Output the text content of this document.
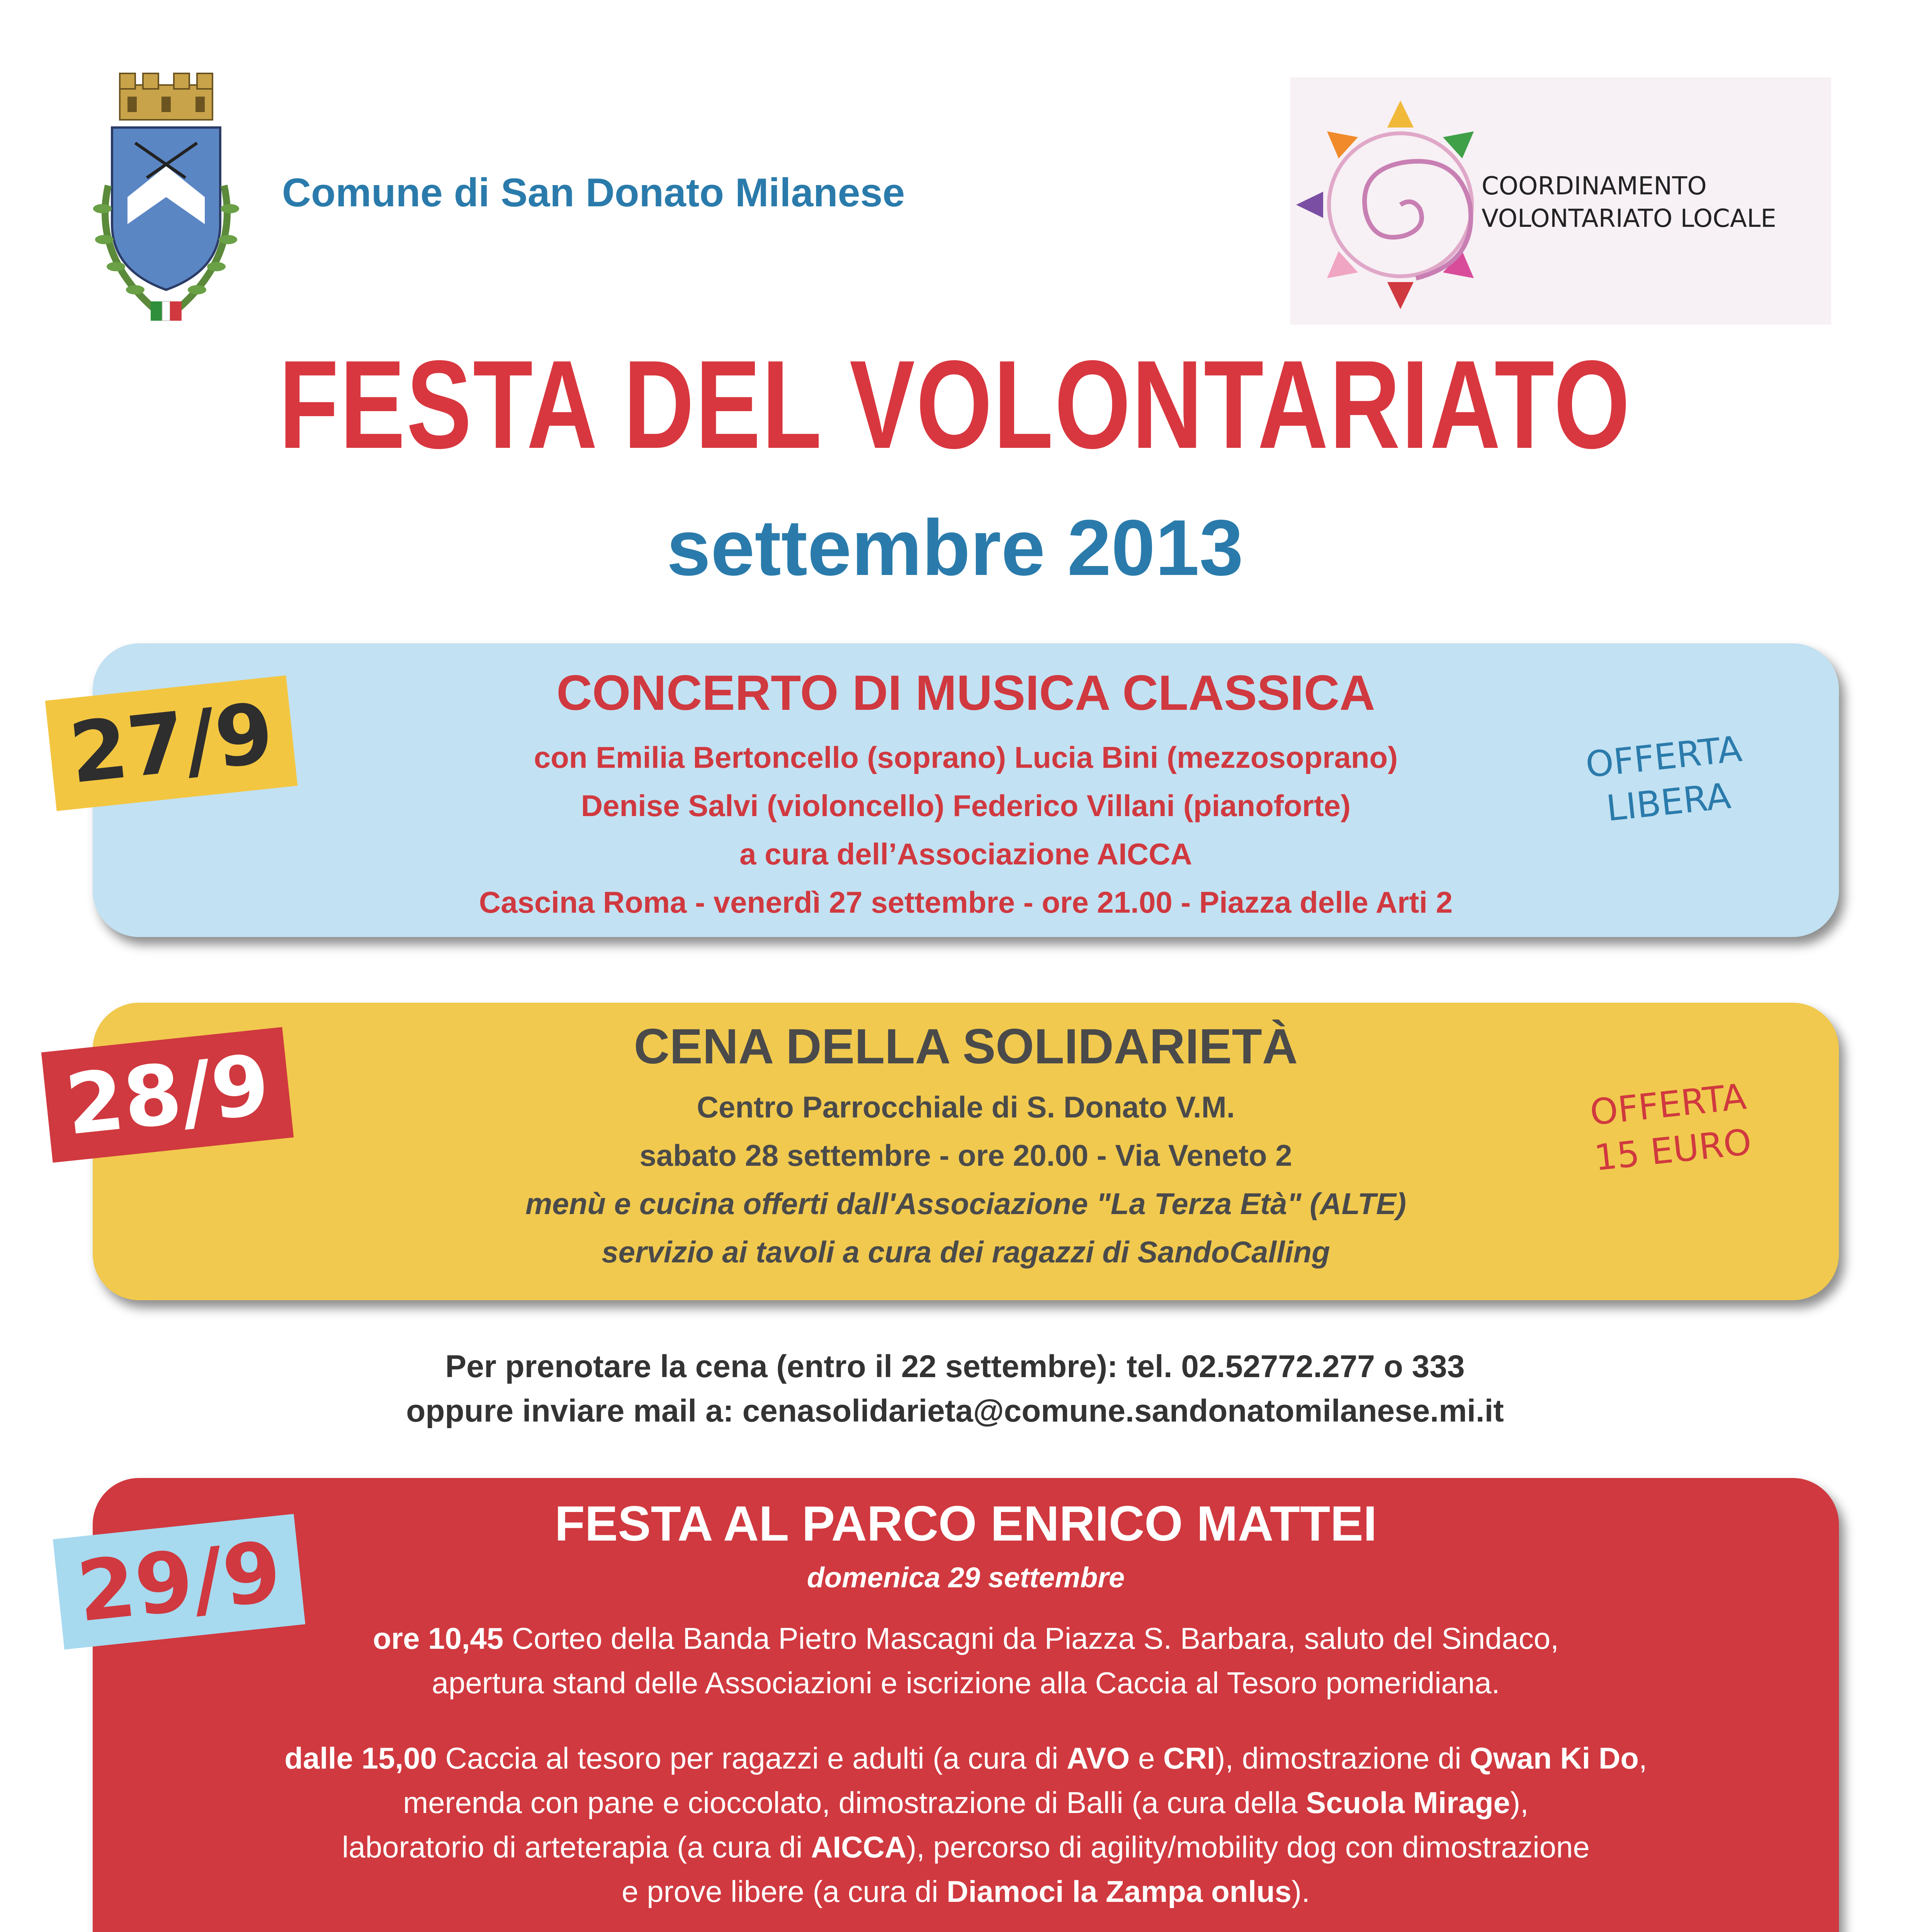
Comune di San Donato Milanese	COORDINAMENTO
VOLONTARIATO LOCALE
FESTA DEL VOLONTARIATO
settembre 2013
27/9	OFFERTA
LIBERA
CONCERTO DI MUSICA CLASSICA
con Emilia Bertoncello (soprano) Lucia Bini (mezzosoprano)
Denise Salvi (violoncello) Federico Villani (pianoforte)
a cura dell’Associazione AICCA
Cascina Roma - venerdì 27 settembre - ore 21.00 - Piazza delle Arti 2
28/9	OFFERTA
15 EURO
CENA DELLA SOLIDARIETÀ
Centro Parrocchiale di S. Donato V.M.
sabato 28 settembre - ore 20.00 - Via Veneto 2
menù e cucina offerti dall'Associazione "La Terza Età" (ALTE)
servizio ai tavoli a cura dei ragazzi di SandoCalling
Per prenotare la cena (entro il 22 settembre): tel. 02.52772.277 o 333
oppure inviare mail a: cenasolidarieta@comune.sandonatomilanese.mi.it
29/9	FESTA AL PARCO ENRICO MATTEI
domenica 29 settembre
ore 10,45 Corteo della Banda Pietro Mascagni da Piazza S. Barbara, saluto del Sindaco,
apertura stand delle Associazioni e iscrizione alla Caccia al Tesoro pomeridiana.
dalle 15,00 Caccia al tesoro per ragazzi e adulti (a cura di AVO e CRI), dimostrazione di Qwan Ki Do,
merenda con pane e cioccolato, dimostrazione di Balli (a cura della Scuola Mirage),
laboratorio di arteterapia (a cura di AICCA), percorso di agility/mobility dog con dimostrazione
e prove libere (a cura di Diamoci la Zampa onlus).
